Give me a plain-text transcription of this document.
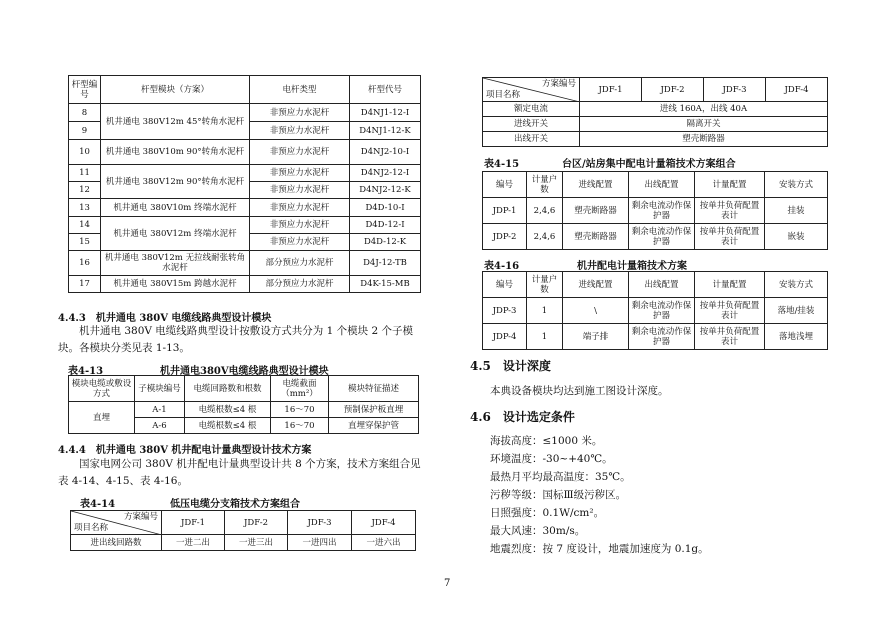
杆型编号	杆型模块（方案）	电杆类型	杆型代号
8	机井通电 380V12m 45°转角水泥杆	非预应力水泥杆	D4NJ1-12-I
9		非预应力水泥杆	D4NJ1-12-K
10	机井通电 380V10m 90°转角水泥杆	非预应力水泥杆	D4NJ2-10-I
11	机井通电 380V12m 90°转角水泥杆	非预应力水泥杆	D4NJ2-12-I
12		非预应力水泥杆	D4NJ2-12-K
13	机井通电 380V10m 终端水泥杆	非预应力水泥杆	D4D-10-I
14	机井通电 380V12m 终端水泥杆	非预应力水泥杆	D4D-12-I
15		非预应力水泥杆	D4D-12-K
16	机井通电 380V12m 无拉线耐张转角水泥杆	部分预应力水泥杆	D4J-12-TB
17	机井通电 380V15m 跨越水泥杆	部分预应力水泥杆	D4K-15-MB
4.4.3　机井通电 380V 电缆线路典型设计模块
机井通电 380V 电缆线路典型设计按敷设方式共分为 1 个模块 2 个子模块。各模块分类见表 1-13。
表4-13	机井通电380V电缆线路典型设计模块
模块电缆或敷设方式	子模块编号	电缆回路数和根数	电缆截面（mm²）	模块特征描述
直埋	A-1	电缆根数≤4 根	16～70	预制保护板直埋
	A-6	电缆根数≤4 根	16～70	直埋穿保护管
4.4.4　机井通电 380V 机井配电计量典型设计技术方案
国家电网公司 380V 机井配电计量典型设计共 8 个方案，技术方案组合见表 4-14、4-15、表 4-16。
表4-14	低压电缆分支箱技术方案组合
方案编号
项目名称	JDF-1	JDF-2	JDF-3	JDF-4
进出线回路数	一进二出	一进三出	一进四出	一进六出
方案编号
项目名称	JDF-1	JDF-2	JDF-3	JDF-4
额定电流	进线 160A，出线 40A			
进线开关	隔离开关			
出线开关	塑壳断路器			
表4-15	台区/站房集中配电计量箱技术方案组合
编号	计量户数	进线配置	出线配置	计量配置	安装方式
JDP-1	2,4,6	塑壳断路器	剩余电流动作保护器	按单井负荷配置表计	挂装
JDP-2	2,4,6	塑壳断路器	剩余电流动作保护器	按单井负荷配置表计	嵌装
表4-16	机井配电计量箱技术方案
编号	计量户数	进线配置	出线配置	计量配置	安装方式
JDP-3	1	\	剩余电流动作保护器	按单井负荷配置表计	落地/挂装
JDP-4	1	端子排	剩余电流动作保护器	按单井负荷配置表计	落地浅埋
4.5　设计深度
本典设备模块均达到施工图设计深度。
4.6　设计选定条件
海拔高度：≤1000 米。
环境温度：-30~+40℃。
最热月平均最高温度：35℃。
污秽等级：国标Ⅲ级污秽区。
日照强度：0.1W/cm²。
最大风速：30m/s。
地震烈度：按 7 度设计，地震加速度为 0.1g。
7
